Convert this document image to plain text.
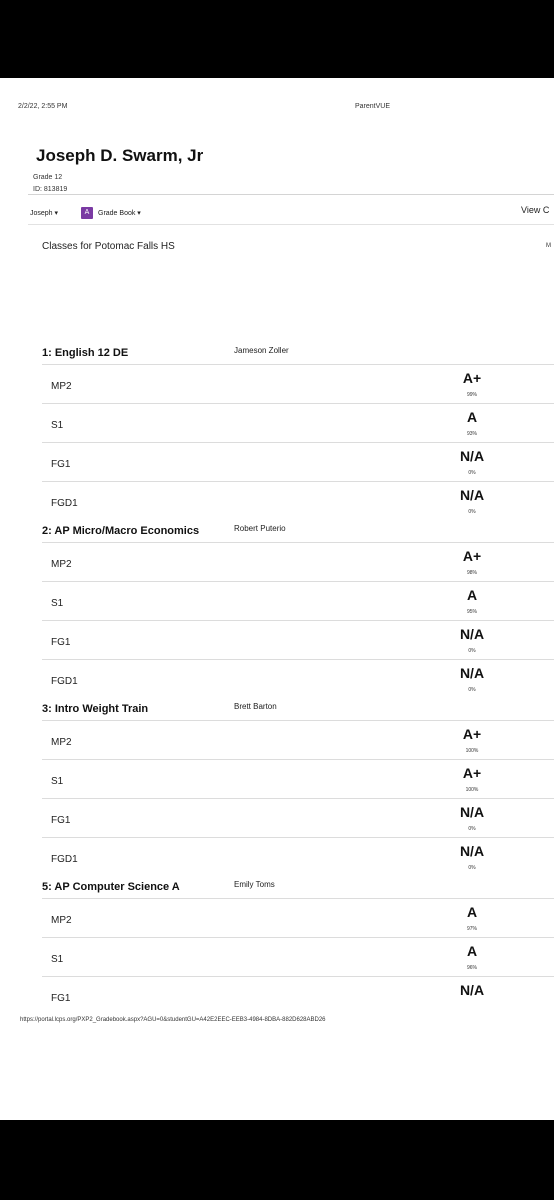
2/2/22, 2:55 PM	ParentVUE
Joseph D. Swarm, Jr
Grade 12
ID: 813819
Joseph ▾	A	Grade Book ▾	View C
Classes for Potomac Falls HS	M
1: English 12 DE	Jameson Zoller
MP2
A+
99%
S1
A
93%
FG1
N/A
0%
FGD1
N/A
0%
2: AP Micro/Macro Economics	Robert Puterio
MP2
A+
98%
S1
A
95%
FG1
N/A
0%
FGD1
N/A
0%
3: Intro Weight Train	Brett Barton
MP2
A+
100%
S1
A+
100%
FG1
N/A
0%
FGD1
N/A
0%
5: AP Computer Science A	Emily Toms
MP2
A
97%
S1
A
96%
FG1
N/A
https://portal.lcps.org/PXP2_Gradebook.aspx?AGU=0&studentGU=A42E2EEC-EEB3-4984-8DBA-882D628ABD26
